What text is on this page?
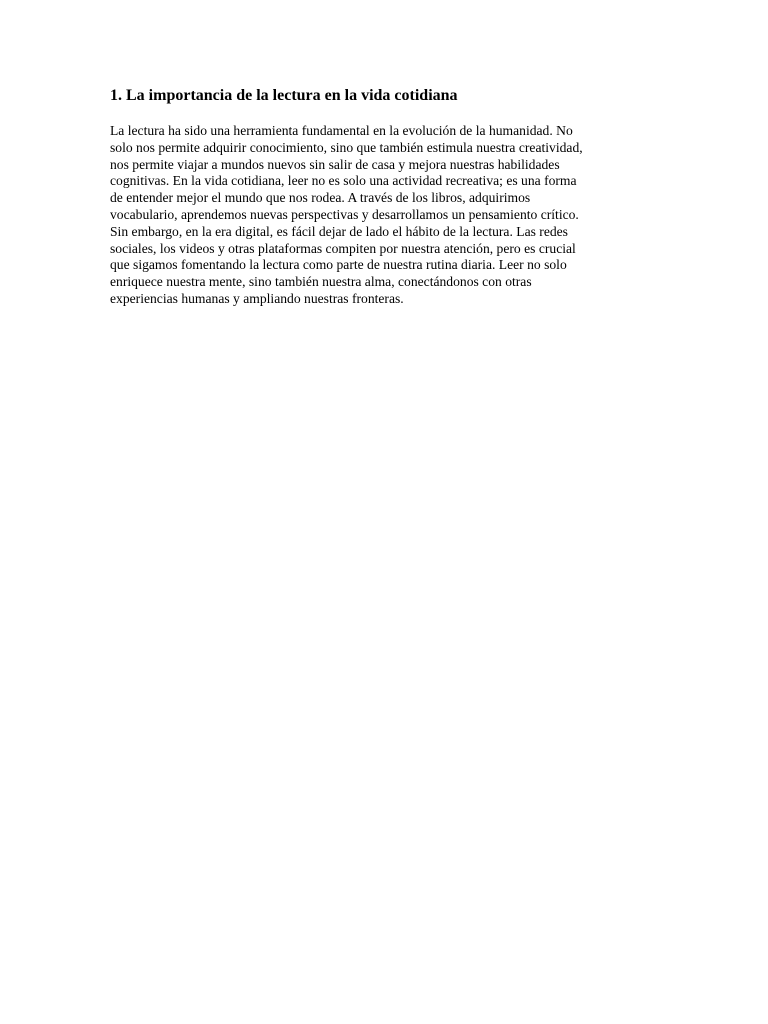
1. La importancia de la lectura en la vida cotidiana

La lectura ha sido una herramienta fundamental en la evolución de la humanidad. No
solo nos permite adquirir conocimiento, sino que también estimula nuestra creatividad,
nos permite viajar a mundos nuevos sin salir de casa y mejora nuestras habilidades
cognitivas. En la vida cotidiana, leer no es solo una actividad recreativa; es una forma
de entender mejor el mundo que nos rodea. A través de los libros, adquirimos
vocabulario, aprendemos nuevas perspectivas y desarrollamos un pensamiento crítico.
Sin embargo, en la era digital, es fácil dejar de lado el hábito de la lectura. Las redes
sociales, los videos y otras plataformas compiten por nuestra atención, pero es crucial
que sigamos fomentando la lectura como parte de nuestra rutina diaria. Leer no solo
enriquece nuestra mente, sino también nuestra alma, conectándonos con otras
experiencias humanas y ampliando nuestras fronteras.
